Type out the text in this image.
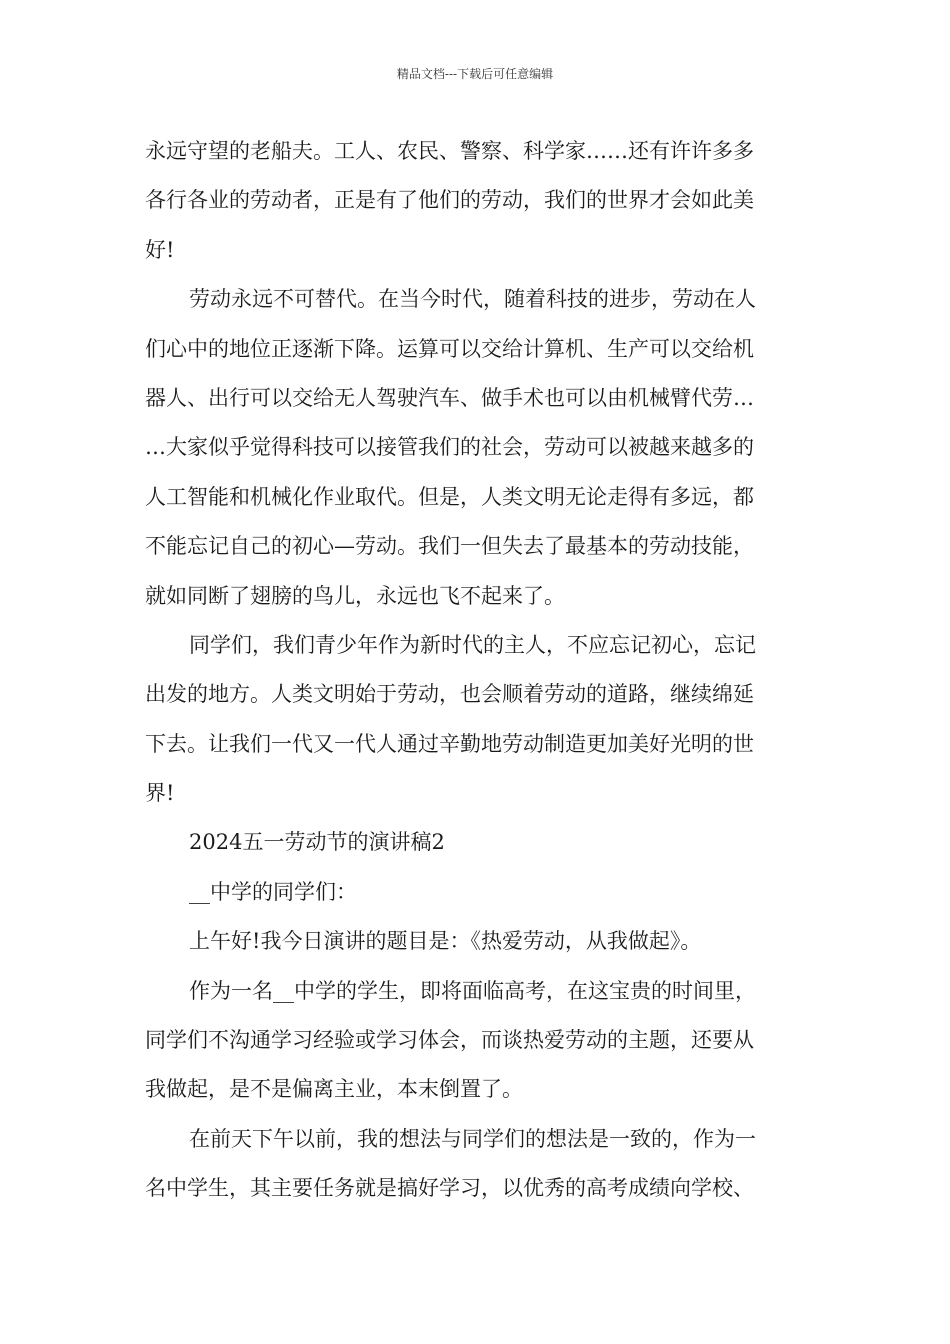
精品文档---下载后可任意编辑
永远守望的老船夫。工人、农民、警察、科学家……还有许许多多
各行各业的劳动者，正是有了他们的劳动，我们的世界才会如此美
好!
劳动永远不可替代。在当今时代，随着科技的进步，劳动在人
们心中的地位正逐渐下降。运算可以交给计算机、生产可以交给机
器人、出行可以交给无人驾驶汽车、做手术也可以由机械臂代劳…
…大家似乎觉得科技可以接管我们的社会，劳动可以被越来越多的
人工智能和机械化作业取代。但是，人类文明无论走得有多远，都
不能忘记自己的初心—劳动。我们一但失去了最基本的劳动技能，
就如同断了翅膀的鸟儿，永远也飞不起来了。
同学们，我们青少年作为新时代的主人，不应忘记初心，忘记
出发的地方。人类文明始于劳动，也会顺着劳动的道路，继续绵延
下去。让我们一代又一代人通过辛勤地劳动制造更加美好光明的世
界!
2024五一劳动节的演讲稿2
__中学的同学们：
上午好!我今日演讲的题目是：《热爱劳动，从我做起》。
作为一名__中学的学生，即将面临高考，在这宝贵的时间里，
同学们不沟通学习经验或学习体会，而谈热爱劳动的主题，还要从
我做起，是不是偏离主业，本末倒置了。
在前天下午以前，我的想法与同学们的想法是一致的，作为一
名中学生，其主要任务就是搞好学习，以优秀的高考成绩向学校、
